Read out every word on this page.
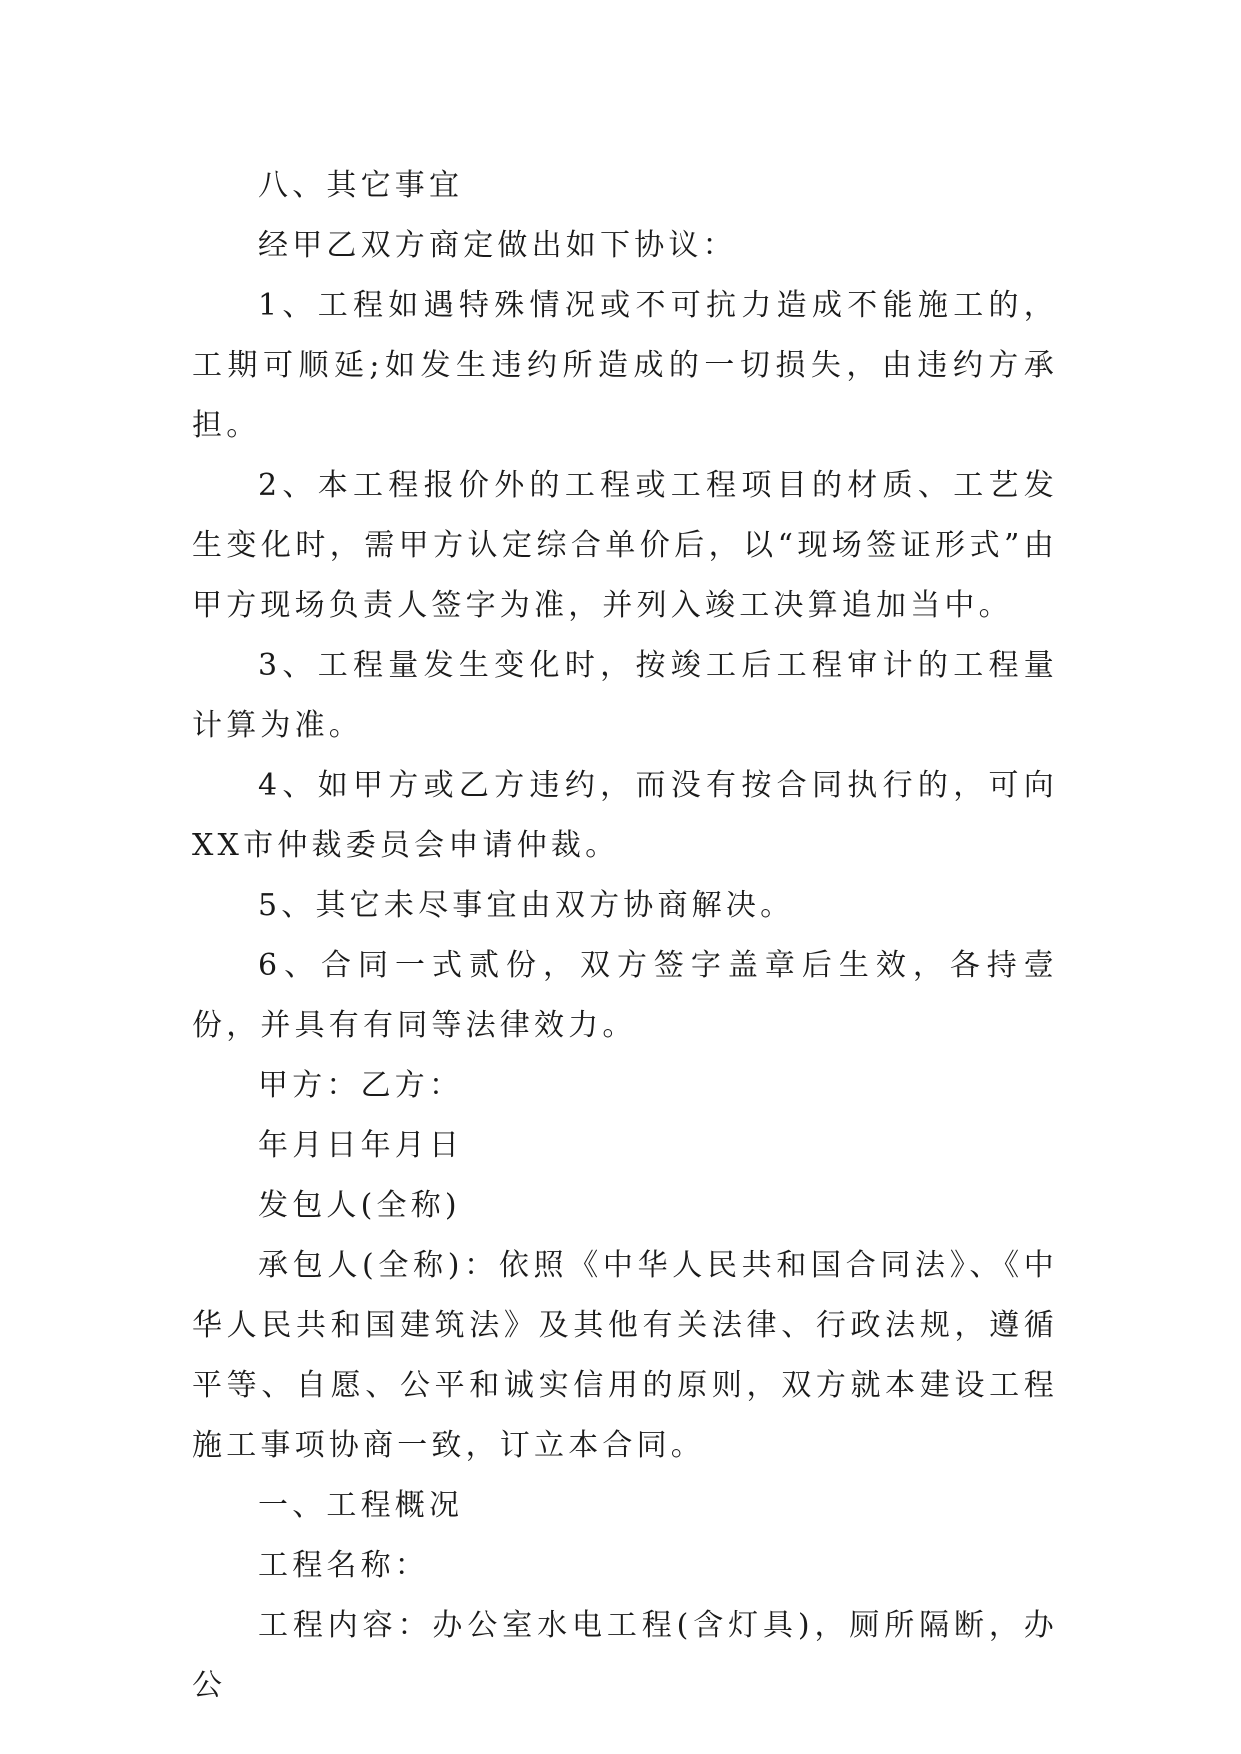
八、其它事宜

经甲乙双方商定做出如下协议：

1、工程如遇特殊情况或不可抗力造成不能施工的，工期可顺延;如发生违约所造成的一切损失，由违约方承担。

2、本工程报价外的工程或工程项目的材质、工艺发生变化时，需甲方认定综合单价后，以“现场签证形式”由甲方现场负责人签字为准，并列入竣工决算追加当中。

3、工程量发生变化时，按竣工后工程审计的工程量计算为准。

4、如甲方或乙方违约，而没有按合同执行的，可向XX市仲裁委员会申请仲裁。

5、其它未尽事宜由双方协商解决。

6、合同一式贰份，双方签字盖章后生效，各持壹份，并具有有同等法律效力。

甲方：乙方：

年月日年月日

发包人(全称)

承包人(全称)：依照《中华人民共和国合同法》、《中华人民共和国建筑法》及其他有关法律、行政法规，遵循平等、自愿、公平和诚实信用的原则，双方就本建设工程施工事项协商一致，订立本合同。

一、工程概况

工程名称：

工程内容：办公室水电工程(含灯具)，厕所隔断，办公
